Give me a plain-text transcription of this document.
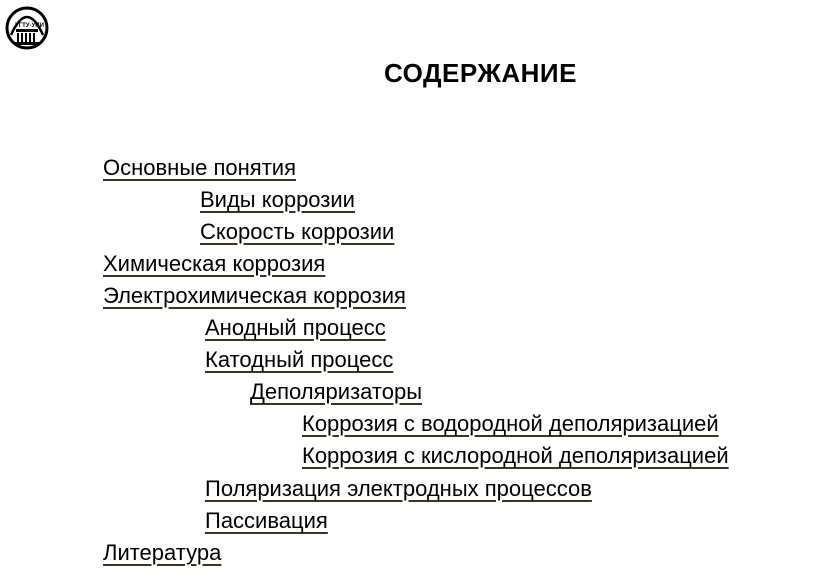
УГТУ-УПИ
СОДЕРЖАНИЕ
Основные понятия
Виды коррозии
Скорость коррозии
Химическая коррозия
Электрохимическая коррозия
Анодный процесс
Катодный процесс
Деполяризаторы
Коррозия с водородной деполяризацией
Коррозия с кислородной деполяризацией
Поляризация электродных процессов
Пассивация
Литература
